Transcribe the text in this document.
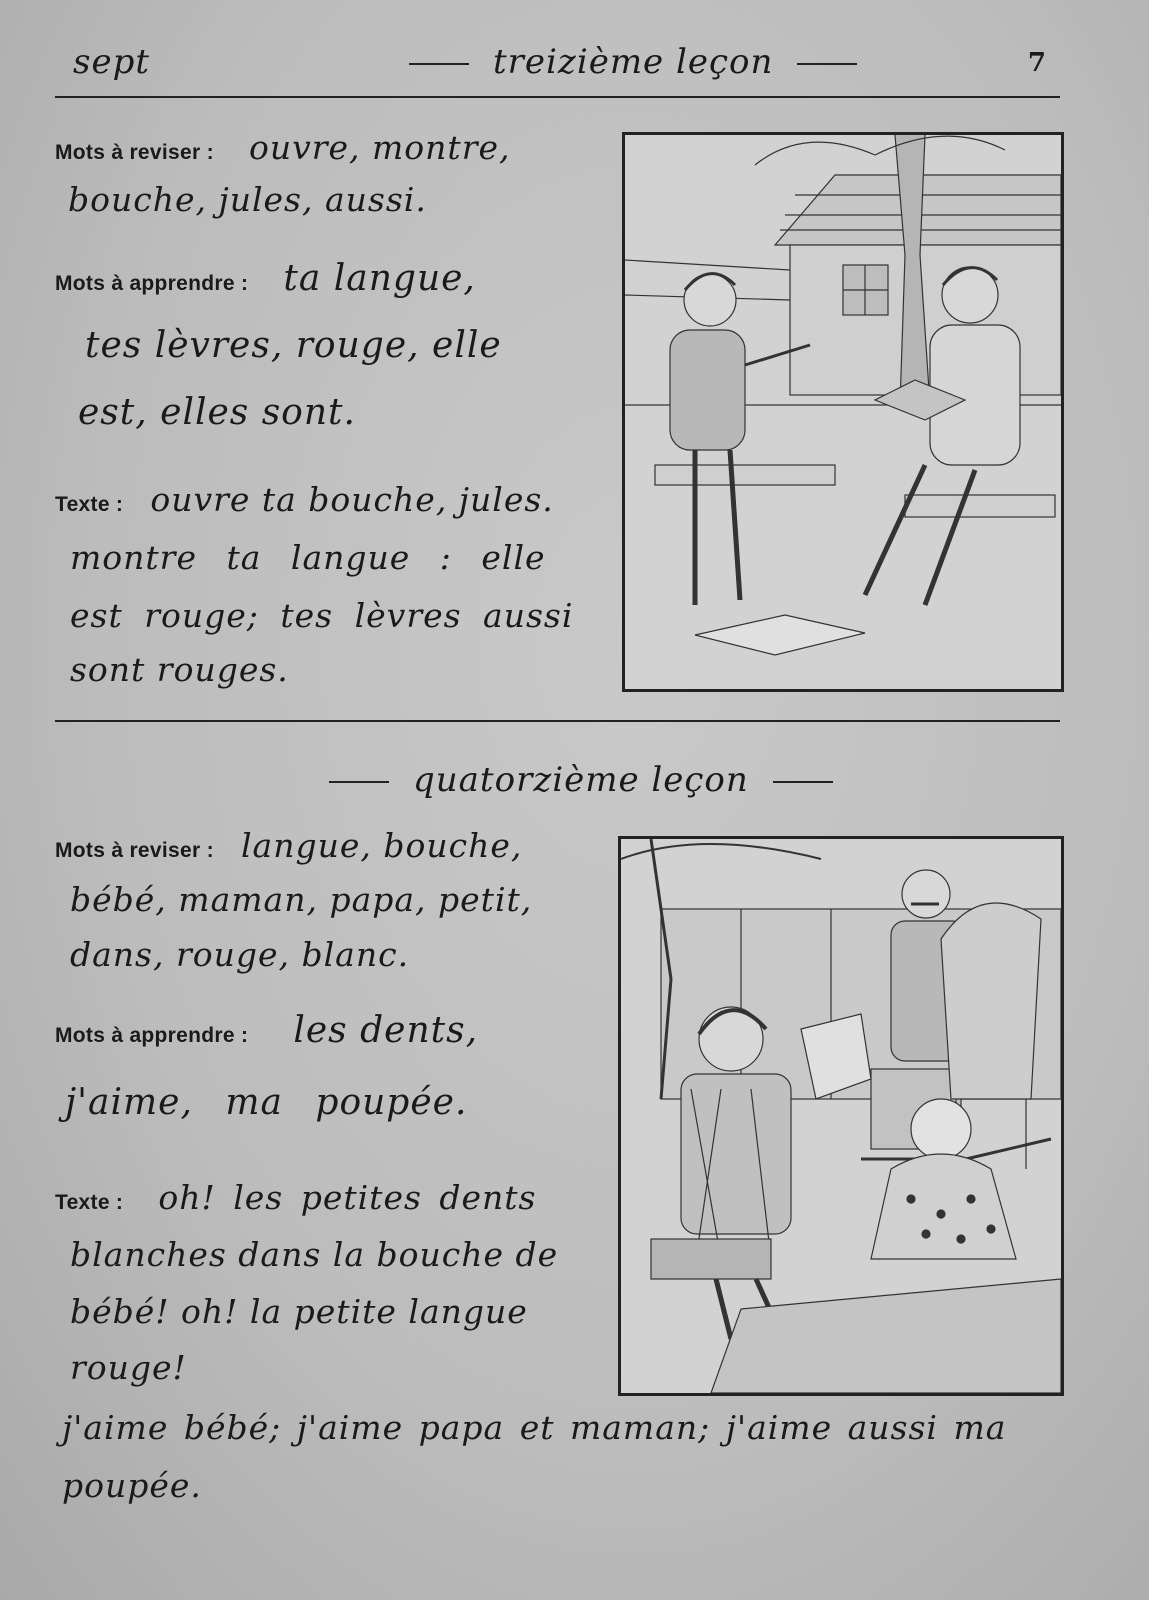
sept	treizième leçon	7
Mots à reviser : ouvre, montre,
bouche, jules, aussi.
Mots à apprendre : ta langue,
tes lèvres, rouge, elle
est, elles sont.
Texte : ouvre ta bouche, jules.
montre ta langue : elle
est rouge; tes lèvres aussi
sont rouges.
quatorzième leçon
Mots à reviser : langue, bouche,
bébé, maman, papa, petit,
dans, rouge, blanc.
Mots à apprendre : les dents,
j'aime, ma poupée.
Texte : oh! les petites dents
blanches dans la bouche de
bébé! oh! la petite langue
rouge!
j'aime bébé; j'aime papa et maman; j'aime aussi ma
poupée.
